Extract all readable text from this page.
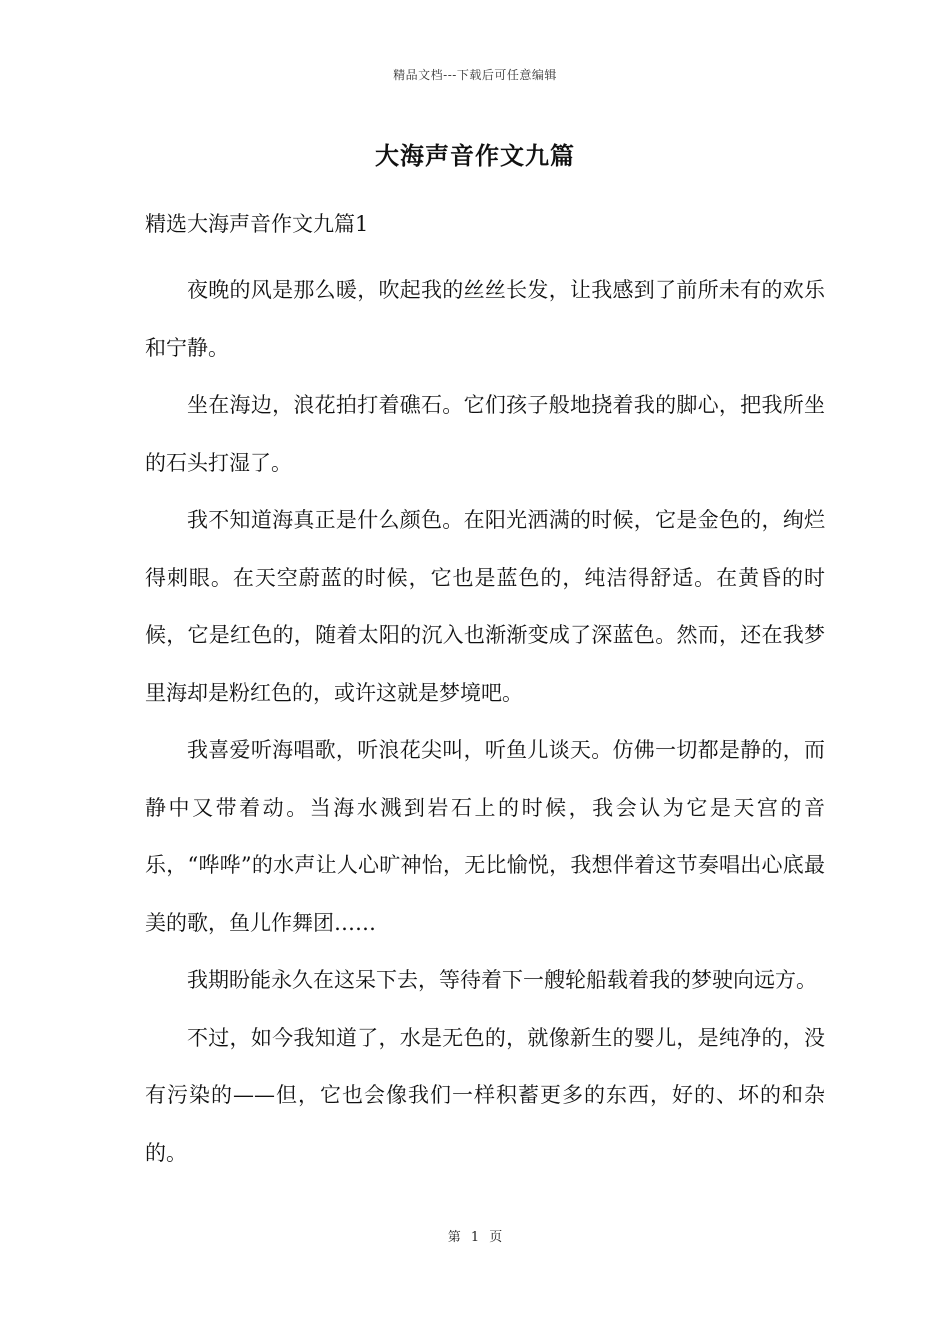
精品文档---下载后可任意编辑
大海声音作文九篇
精选大海声音作文九篇1

夜晚的风是那么暖，吹起我的丝丝长发，让我感到了前所未有的欢乐和宁静。

坐在海边，浪花拍打着礁石。它们孩子般地挠着我的脚心，把我所坐的石头打湿了。

我不知道海真正是什么颜色。在阳光洒满的时候，它是金色的，绚烂得刺眼。在天空蔚蓝的时候，它也是蓝色的，纯洁得舒适。在黄昏的时候，它是红色的，随着太阳的沉入也渐渐变成了深蓝色。然而，还在我梦里海却是粉红色的，或许这就是梦境吧。

我喜爱听海唱歌，听浪花尖叫，听鱼儿谈天。仿佛一切都是静的，而静中又带着动。当海水溅到岩石上的时候，我会认为它是天宫的音乐，“哗哗”的水声让人心旷神怡，无比愉悦，我想伴着这节奏唱出心底最美的歌，鱼儿作舞团……

我期盼能永久在这呆下去，等待着下一艘轮船载着我的梦驶向远方。

不过，如今我知道了，水是无色的，就像新生的婴儿，是纯净的，没有污染的——但，它也会像我们一样积蓄更多的东西，好的、坏的和杂的。

第 1 页
